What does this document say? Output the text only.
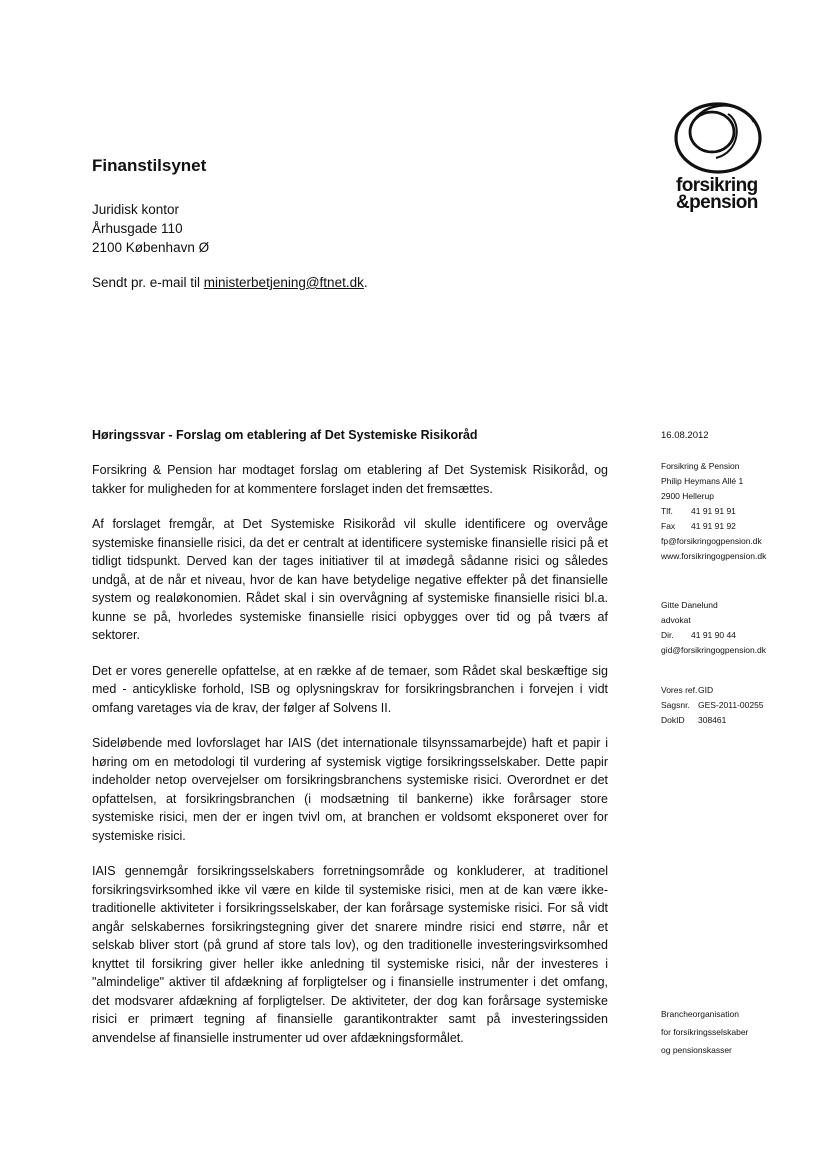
Finanstilsynet
Juridisk kontor
Århusgade 110
2100 København Ø
Sendt pr. e-mail til ministerbetjening@ftnet.dk.
forsikring
&pension
Høringssvar - Forslag om etablering af Det Systemiske Risikoråd

Forsikring & Pension har modtaget forslag om etablering af Det Systemisk Risikoråd, og takker for muligheden for at kommentere forslaget inden det fremsættes.

Af forslaget fremgår, at Det Systemiske Risikoråd vil skulle identificere og overvåge systemiske finansielle risici, da det er centralt at identificere systemiske finansielle risici på et tidligt tidspunkt. Derved kan der tages initiativer til at imødegå sådanne risici og således undgå, at de når et niveau, hvor de kan have betydelige negative effekter på det finansielle system og realøkonomien. Rådet skal i sin overvågning af systemiske finansielle risici bl.a. kunne se på, hvorledes systemiske finansielle risici opbygges over tid og på tværs af sektorer.

Det er vores generelle opfattelse, at en række af de temaer, som Rådet skal beskæftige sig med - anticykliske forhold, ISB og oplysningskrav for forsikringsbranchen i forvejen i vidt omfang varetages via de krav, der følger af Solvens II.

Sideløbende med lovforslaget har IAIS (det internationale tilsynssamarbejde) haft et papir i høring om en metodologi til vurdering af systemisk vigtige forsikringsselskaber. Dette papir indeholder netop overvejelser om forsikringsbranchens systemiske risici. Overordnet er det opfattelsen, at forsikringsbranchen (i modsætning til bankerne) ikke forårsager store systemiske risici, men der er ingen tvivl om, at branchen er voldsomt eksponeret over for systemiske risici.

IAIS gennemgår forsikringsselskabers forretningsområde og konkluderer, at traditionel forsikringsvirksomhed ikke vil være en kilde til systemiske risici, men at de kan være ikke-traditionelle aktiviteter i forsikringsselskaber, der kan forårsage systemiske risici. For så vidt angår selskabernes forsikringstegning giver det snarere mindre risici end større, når et selskab bliver stort (på grund af store tals lov), og den traditionelle investeringsvirksomhed knyttet til forsikring giver heller ikke anledning til systemiske risici, når der investeres i "almindelige" aktiver til afdækning af forpligtelser og i finansielle instrumenter i det omfang, det modsvarer afdækning af forpligtelser. De aktiviteter, der dog kan forårsage systemiske risici er primært tegning af finansielle garantikontrakter samt på investeringssiden anvendelse af finansielle instrumenter ud over afdækningsformålet.

16.08.2012
Forsikring & Pension
Philip Heymans Allé 1
2900 Hellerup
Tlf.	41 91 91 91
Fax	41 91 91 92
fp@forsikringogpension.dk
www.forsikringogpension.dk
Gitte Danelund
advokat
Dir.	41 91 90 44
gid@forsikringogpension.dk
Vores ref. GID
Sagsnr. GES-2011-00255
DokID	308461
Brancheorganisation
for forsikringsselskaber
og pensionskasser
